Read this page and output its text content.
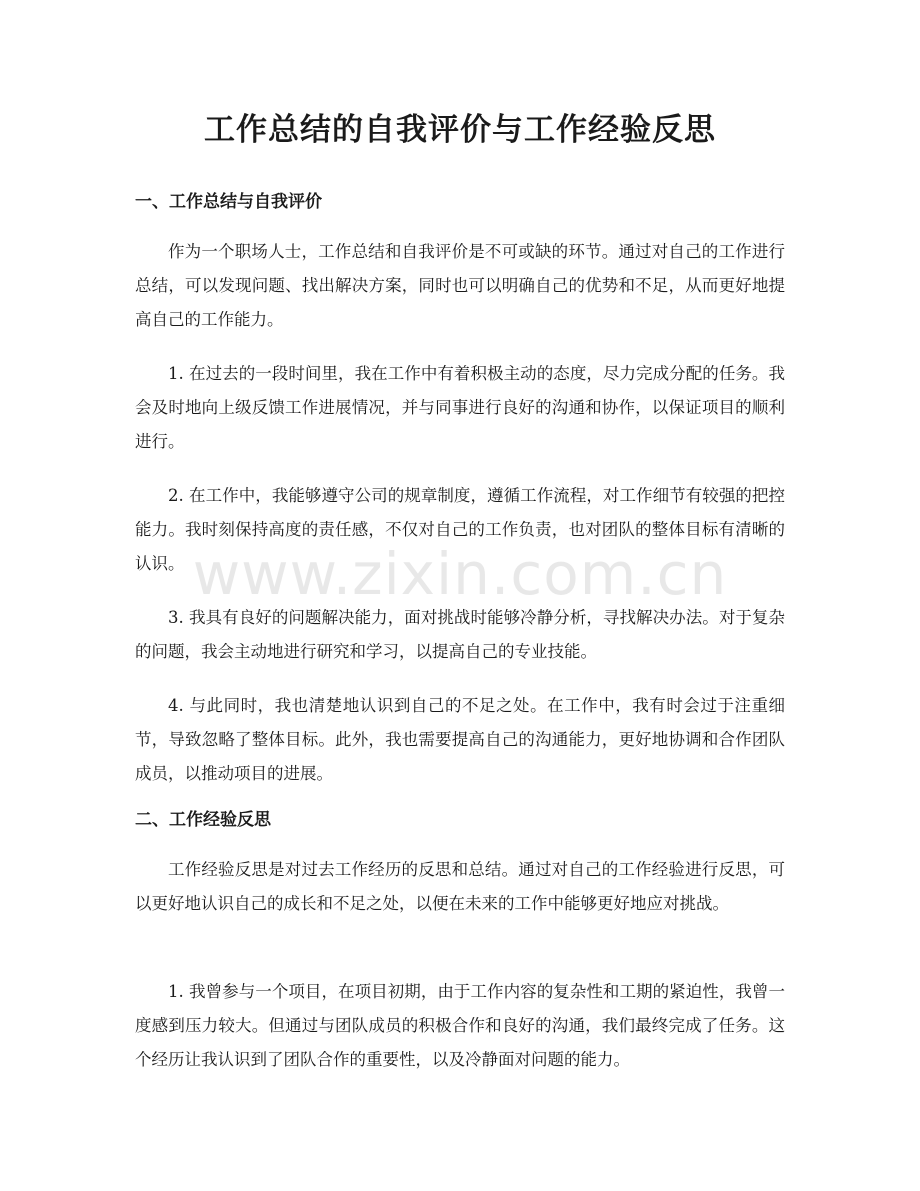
工作总结的自我评价与工作经验反思
一、工作总结与自我评价

作为一个职场人士，工作总结和自我评价是不可或缺的环节。通过对自己的工作进行总结，可以发现问题、找出解决方案，同时也可以明确自己的优势和不足，从而更好地提高自己的工作能力。

1. 在过去的一段时间里，我在工作中有着积极主动的态度，尽力完成分配的任务。我会及时地向上级反馈工作进展情况，并与同事进行良好的沟通和协作，以保证项目的顺利进行。

2. 在工作中，我能够遵守公司的规章制度，遵循工作流程，对工作细节有较强的把控能力。我时刻保持高度的责任感，不仅对自己的工作负责，也对团队的整体目标有清晰的认识。

3. 我具有良好的问题解决能力，面对挑战时能够冷静分析，寻找解决办法。对于复杂的问题，我会主动地进行研究和学习，以提高自己的专业技能。

4. 与此同时，我也清楚地认识到自己的不足之处。在工作中，我有时会过于注重细节，导致忽略了整体目标。此外，我也需要提高自己的沟通能力，更好地协调和合作团队成员，以推动项目的进展。

二、工作经验反思

工作经验反思是对过去工作经历的反思和总结。通过对自己的工作经验进行反思，可以更好地认识自己的成长和不足之处，以便在未来的工作中能够更好地应对挑战。

1. 我曾参与一个项目，在项目初期，由于工作内容的复杂性和工期的紧迫性，我曾一度感到压力较大。但通过与团队成员的积极合作和良好的沟通，我们最终完成了任务。这个经历让我认识到了团队合作的重要性，以及冷静面对问题的能力。

www.zixin.com.cn
